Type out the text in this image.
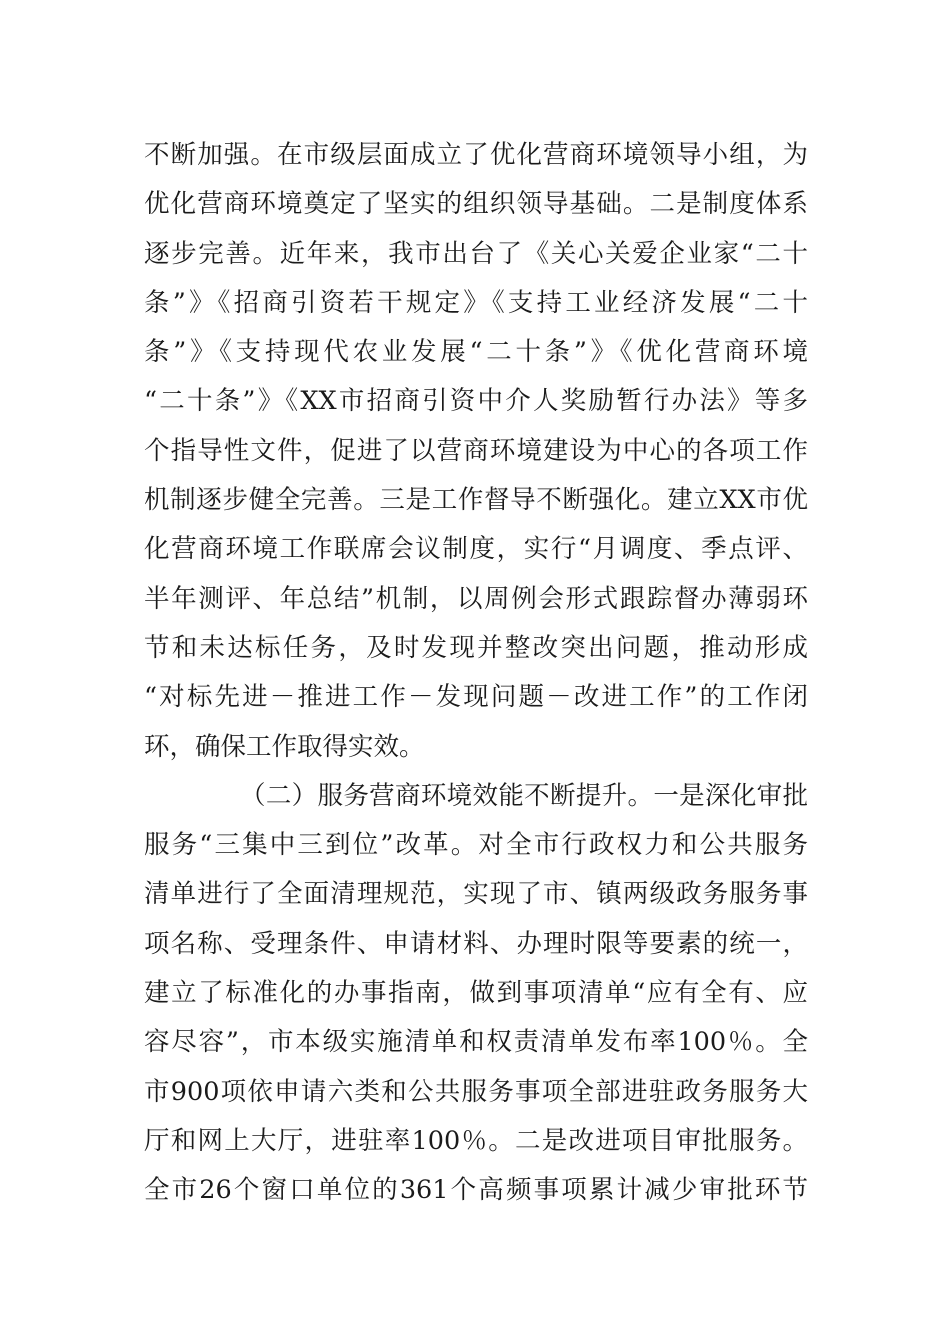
不断加强。在市级层面成立了优化营商环境领导小组，为
优化营商环境奠定了坚实的组织领导基础。二是制度体系
逐步完善。近年来，我市出台了《关心关爱企业家“二十
条”》《招商引资若干规定》《支持工业经济发展“二十
条”》《支持现代农业发展“二十条”》《优化营商环境
“二十条”》《XX市招商引资中介人奖励暂行办法》等多
个指导性文件，促进了以营商环境建设为中心的各项工作
机制逐步健全完善。三是工作督导不断强化。建立XX市优
化营商环境工作联席会议制度，实行“月调度、季点评、
半年测评、年总结”机制，以周例会形式跟踪督办薄弱环
节和未达标任务，及时发现并整改突出问题，推动形成
“对标先进－推进工作－发现问题－改进工作”的工作闭
环，确保工作取得实效。
（二）服务营商环境效能不断提升。一是深化审批
服务“三集中三到位”改革。对全市行政权力和公共服务
清单进行了全面清理规范，实现了市、镇两级政务服务事
项名称、受理条件、申请材料、办理时限等要素的统一，
建立了标准化的办事指南，做到事项清单“应有全有、应
容尽容”，市本级实施清单和权责清单发布率100％。全
市900项依申请六类和公共服务事项全部进驻政务服务大
厅和网上大厅，进驻率100％。二是改进项目审批服务。
全市26个窗口单位的361个高频事项累计减少审批环节
